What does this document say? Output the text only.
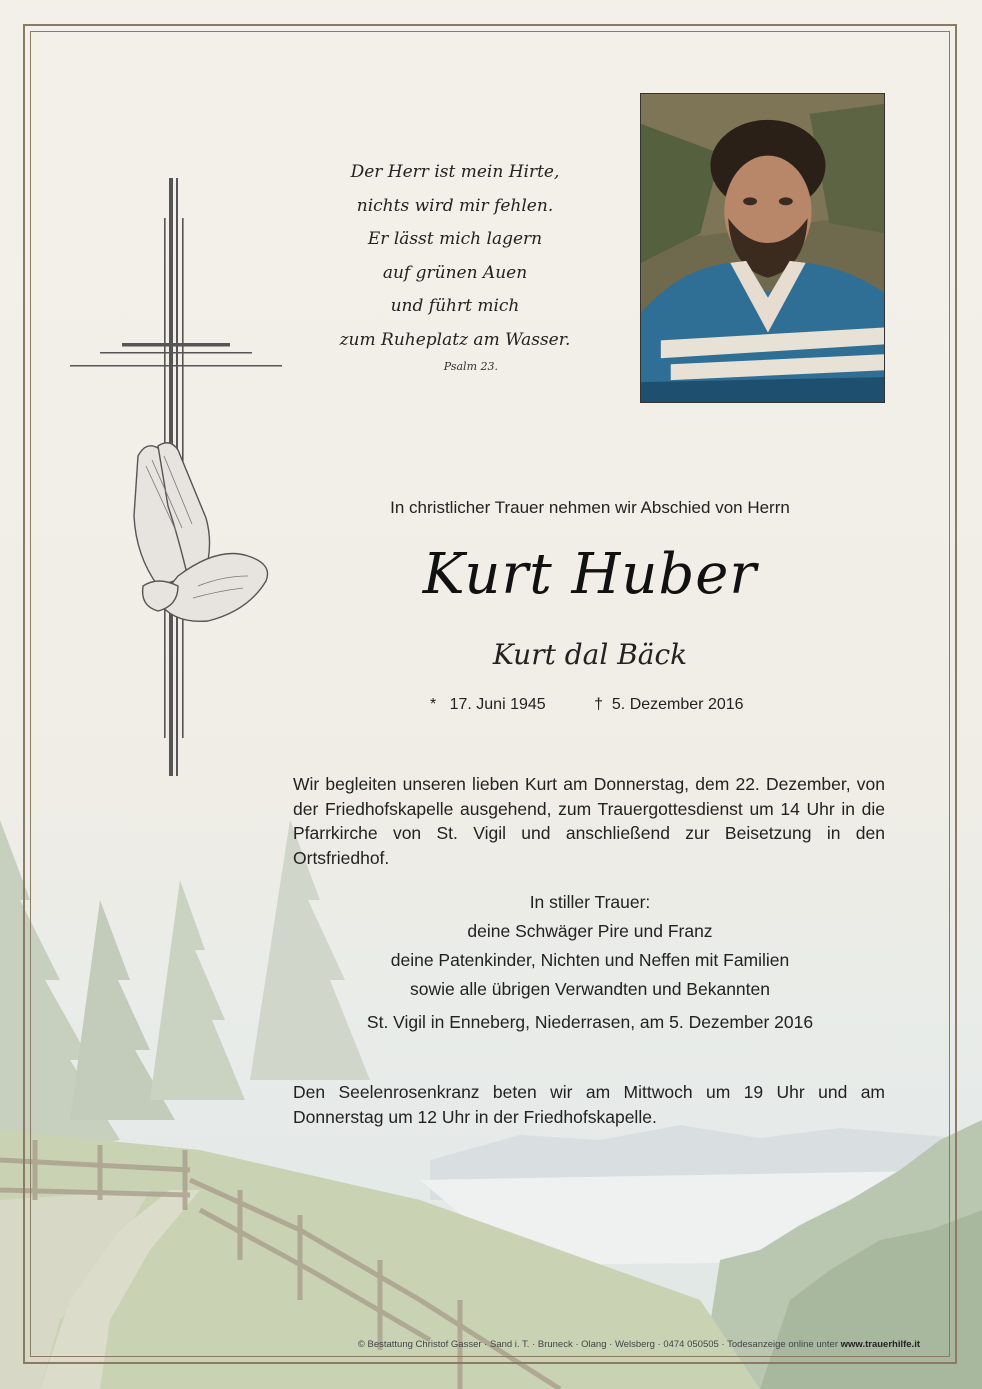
Der Herr ist mein Hirte,
nichts wird mir fehlen.
Er lässt mich lagern
auf grünen Auen
und führt mich
zum Ruheplatz am Wasser.
Psalm 23.
In christlicher Trauer nehmen wir Abschied von Herrn
Kurt Huber
Kurt dal Bäck
* 17. Juni 1945	† 5. Dezember 2016
Wir begleiten unseren lieben Kurt am Donnerstag, dem 22. Dezember, von der Friedhofskapelle ausgehend, zum Trauergottesdienst um 14 Uhr in die Pfarrkirche von St. Vigil und anschließend zur Beisetzung in den Ortsfriedhof.
In stiller Trauer:
deine Schwäger Pire und Franz
deine Patenkinder, Nichten und Neffen mit Familien
sowie alle übrigen Verwandten und Bekannten
St. Vigil in Enneberg, Niederrasen, am 5. Dezember 2016
Den Seelenrosenkranz beten wir am Mittwoch um 19 Uhr und am Donnerstag um 12 Uhr in der Friedhofskapelle.
© Bestattung Christof Gasser · Sand i. T. · Bruneck · Olang · Welsberg · 0474 050505 · Todesanzeige online unter www.trauerhilfe.it
